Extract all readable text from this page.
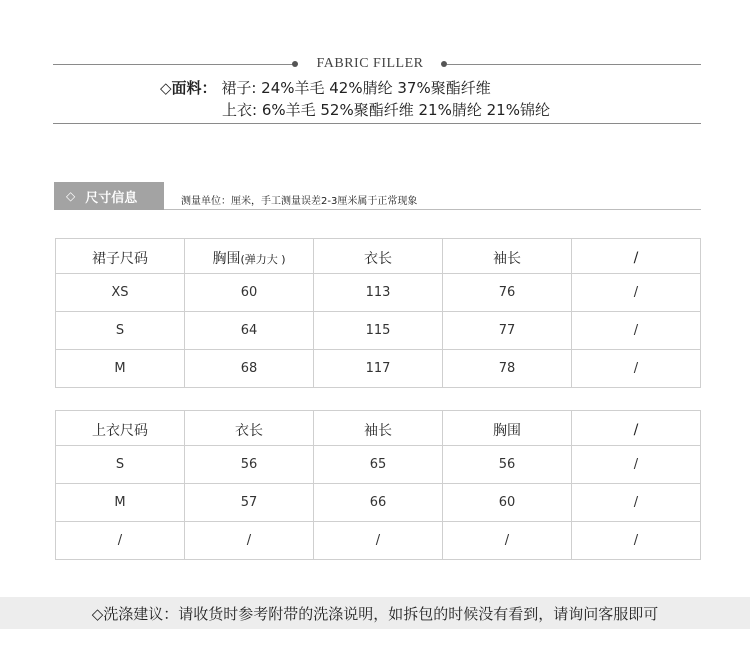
FABRIC FILLER
◇面料： 裙子: 24%羊毛 42%腈纶 37%聚酯纤维
上衣: 6%羊毛 52%聚酯纤维 21%腈纶 21%锦纶
◇ 尺寸信息	测量单位：厘米，手工测量误差2-3厘米属于正常现象
裙子尺码	胸围(弹力大 )	衣长	袖长	/
XS	60	113	76	/
S	64	115	77	/
M	68	117	78	/
上衣尺码	衣长	袖长	胸围	/
S	56	65	56	/
M	57	66	60	/
/	/	/	/	/
◇洗涤建议：请收货时参考附带的洗涤说明，如拆包的时候没有看到，请询问客服即可
